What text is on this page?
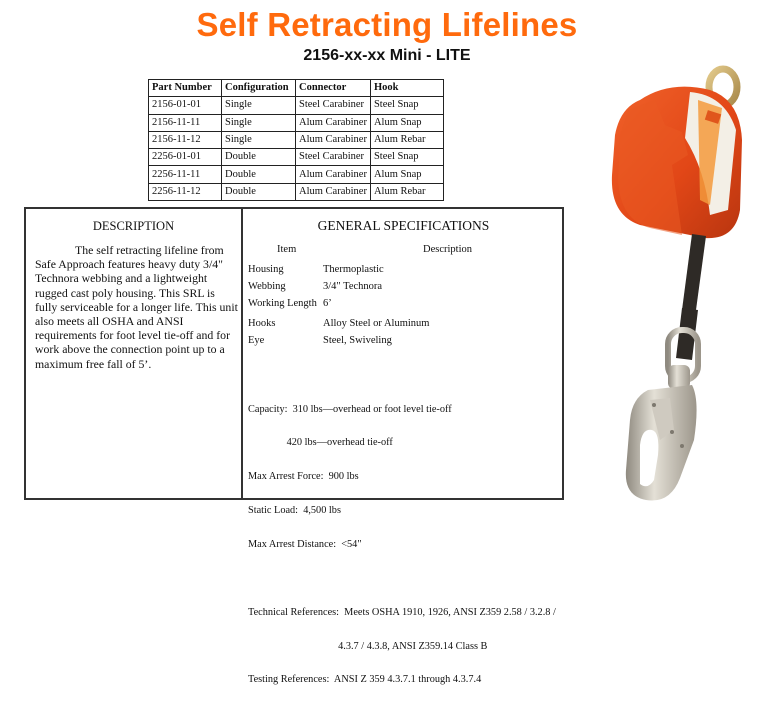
Self Retracting Lifelines
2156-xx-xx Mini - LITE
Part Number	Configuration	Connector	Hook
2156-01-01	Single	Steel Carabiner	Steel Snap
2156-11-11	Single	Alum Carabiner	Alum Snap
2156-11-12	Single	Alum Carabiner	Alum Rebar
2256-01-01	Double	Steel Carabiner	Steel Snap
2256-11-11	Double	Alum Carabiner	Alum Snap
2256-11-12	Double	Alum Carabiner	Alum Rebar
DESCRIPTION
The self retracting lifeline from Safe Approach features heavy duty 3/4" Technora webbing and a lightweight rugged cast poly housing. This SRL is fully serviceable for a longer life. This unit also meets all OSHA and ANSI requirements for foot level tie-off and for work above the connection point up to a maximum free fall of 5’.
GENERAL SPECIFICATIONS
Item	Description
Housing	Thermoplastic
Webbing	3/4" Technora
Working Length 6’
Hooks	Alloy Steel or Aluminum
Eye	Steel, Swiveling

Capacity:  310 lbs—overhead or foot level tie-off

420 lbs—overhead tie-off

Max Arrest Force:  900 lbs

Static Load:  4,500 lbs

Max Arrest Distance:  <54"

Technical References:  Meets OSHA 1910, 1926, ANSI Z359 2.58 / 3.2.8 /

4.3.7 / 4.3.8, ANSI Z359.14 Class B

Testing References:  ANSI Z 359 4.3.7.1 through 4.3.7.4
